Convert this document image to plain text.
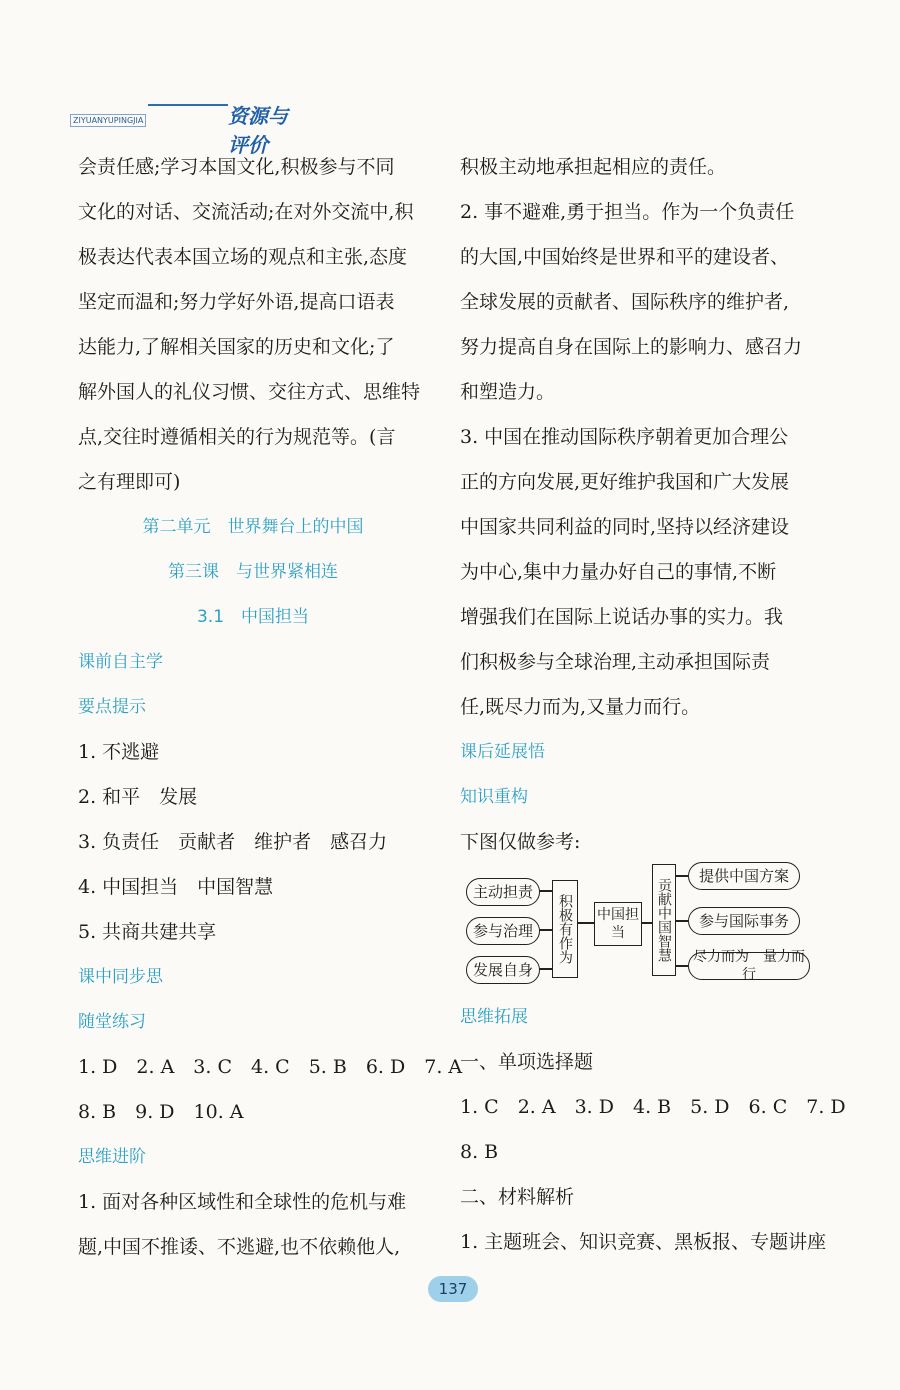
ZIYUANYUPINGJIA	资源与评价

会责任感;学习本国文化,积极参与不同

文化的对话、交流活动;在对外交流中,积

极表达代表本国立场的观点和主张,态度

坚定而温和;努力学好外语,提高口语表

达能力,了解相关国家的历史和文化;了

解外国人的礼仪习惯、交往方式、思维特

点,交往时遵循相关的行为规范等。(言

之有理即可)

第二单元　世界舞台上的中国

第三课　与世界紧相连

3.1　中国担当

课前自主学

要点提示

1. 不逃避

2. 和平　发展

3. 负责任　贡献者　维护者　感召力

4. 中国担当　中国智慧

5. 共商共建共享

课中同步思

随堂练习

1. D　2. A　3. C　4. C　5. B　6. D　7. A

8. B　9. D　10. A

思维进阶

1. 面对各种区域性和全球性的危机与难

题,中国不推诿、不逃避,也不依赖他人,

积极主动地承担起相应的责任。

2. 事不避难,勇于担当。作为一个负责任

的大国,中国始终是世界和平的建设者、

全球发展的贡献者、国际秩序的维护者,

努力提高自身在国际上的影响力、感召力

和塑造力。

3. 中国在推动国际秩序朝着更加合理公

正的方向发展,更好维护我国和广大发展

中国家共同利益的同时,坚持以经济建设

为中心,集中力量办好自己的事情,不断

增强我们在国际上说话办事的实力。我

们积极参与全球治理,主动承担国际责

任,既尽力而为,又量力而行。

课后延展悟

知识重构

下图仅做参考:

主动担责
参与治理
发展自身
积极有作为	中国担当	贡献中国智慧
提供中国方案
参与国际事务
尽力而为　量力而行

思维拓展

一、单项选择题

1. C　2. A　3. D　4. B　5. D　6. C　7. D

8. B

二、材料解析

1. 主题班会、知识竞赛、黑板报、专题讲座

137
